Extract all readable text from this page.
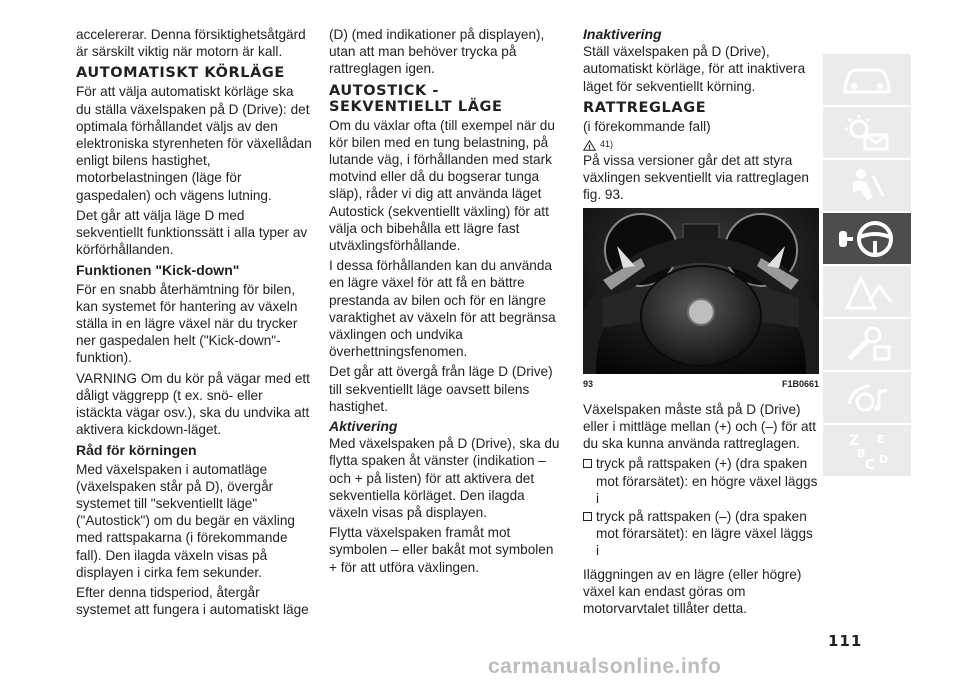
accelererar. Denna försiktighetsåtgärd är särskilt viktig när motorn är kall.

AUTOMATISKT KÖRLÄGE

För att välja automatiskt körläge ska du ställa växelspaken på D (Drive): det optimala förhållandet väljs av den elektroniska styrenheten för växellådan enligt bilens hastighet, motorbelastningen (läge för gaspedalen) och vägens lutning.

Det går att välja läge D med sekventiellt funktionssätt i alla typer av körförhållanden.

Funktionen "Kick-down"

För en snabb återhämtning för bilen, kan systemet för hantering av växeln ställa in en lägre växel när du trycker ner gaspedalen helt ("Kick-down"-funktion).

VARNING Om du kör på vägar med ett dåligt väggrepp (t ex. snö- eller istäckta vägar osv.), ska du undvika att aktivera kickdown-läget.

Råd för körningen

Med växelspaken i automatläge (växelspaken står på D), övergår systemet till "sekventiellt läge" ("Autostick") om du begär en växling med rattspakarna (i förekommande fall). Den ilagda växeln visas på displayen i cirka fem sekunder.

Efter denna tidsperiod, återgår systemet att fungera i automatiskt läge

(D) (med indikationer på displayen), utan att man behöver trycka på rattreglagen igen.

AUTOSTICK - SEKVENTIELLT LÄGE

Om du växlar ofta (till exempel när du kör bilen med en tung belastning, på lutande väg, i förhållanden med stark motvind eller då du bogserar tunga släp), råder vi dig att använda läget Autostick (sekventiellt växling) för att välja och bibehålla ett lägre fast utväxlingsförhållande.

I dessa förhållanden kan du använda en lägre växel för att få en bättre prestanda av bilen och för en längre varaktighet av växeln för att begränsa växlingen och undvika överhettningsfenomen.

Det går att övergå från läge D (Drive) till sekventiellt läge oavsett bilens hastighet.

Aktivering

Med växelspaken på D (Drive), ska du flytta spaken åt vänster (indikation – och + på listen) för att aktivera det sekventiella körläget. Den ilagda växeln visas på displayen.

Flytta växelspaken framåt mot symbolen – eller bakåt mot symbolen + för att utföra växlingen.

Inaktivering

Ställ växelspaken på D (Drive), automatiskt körläge, för att inaktivera läget för sekventiellt körning.

RATTREGLAGE

(i förekommande fall)

! 41)

På vissa versioner går det att styra växlingen sekventiellt via rattreglagen fig. 93.

93	F1B0661

Växelspaken måste stå på D (Drive) eller i mittläge mellan (+) och (–) för att du ska kunna använda rattreglagen.

tryck på rattspaken (+) (dra spaken mot förarsätet): en högre växel läggs i
tryck på rattspaken (–) (dra spaken mot förarsätet): en lägre växel läggs i

Iläggningen av en lägre (eller högre) växel kan endast göras om motorvarvtalet tillåter detta.

Z E
B
C D
111
carmanualsonline.info
